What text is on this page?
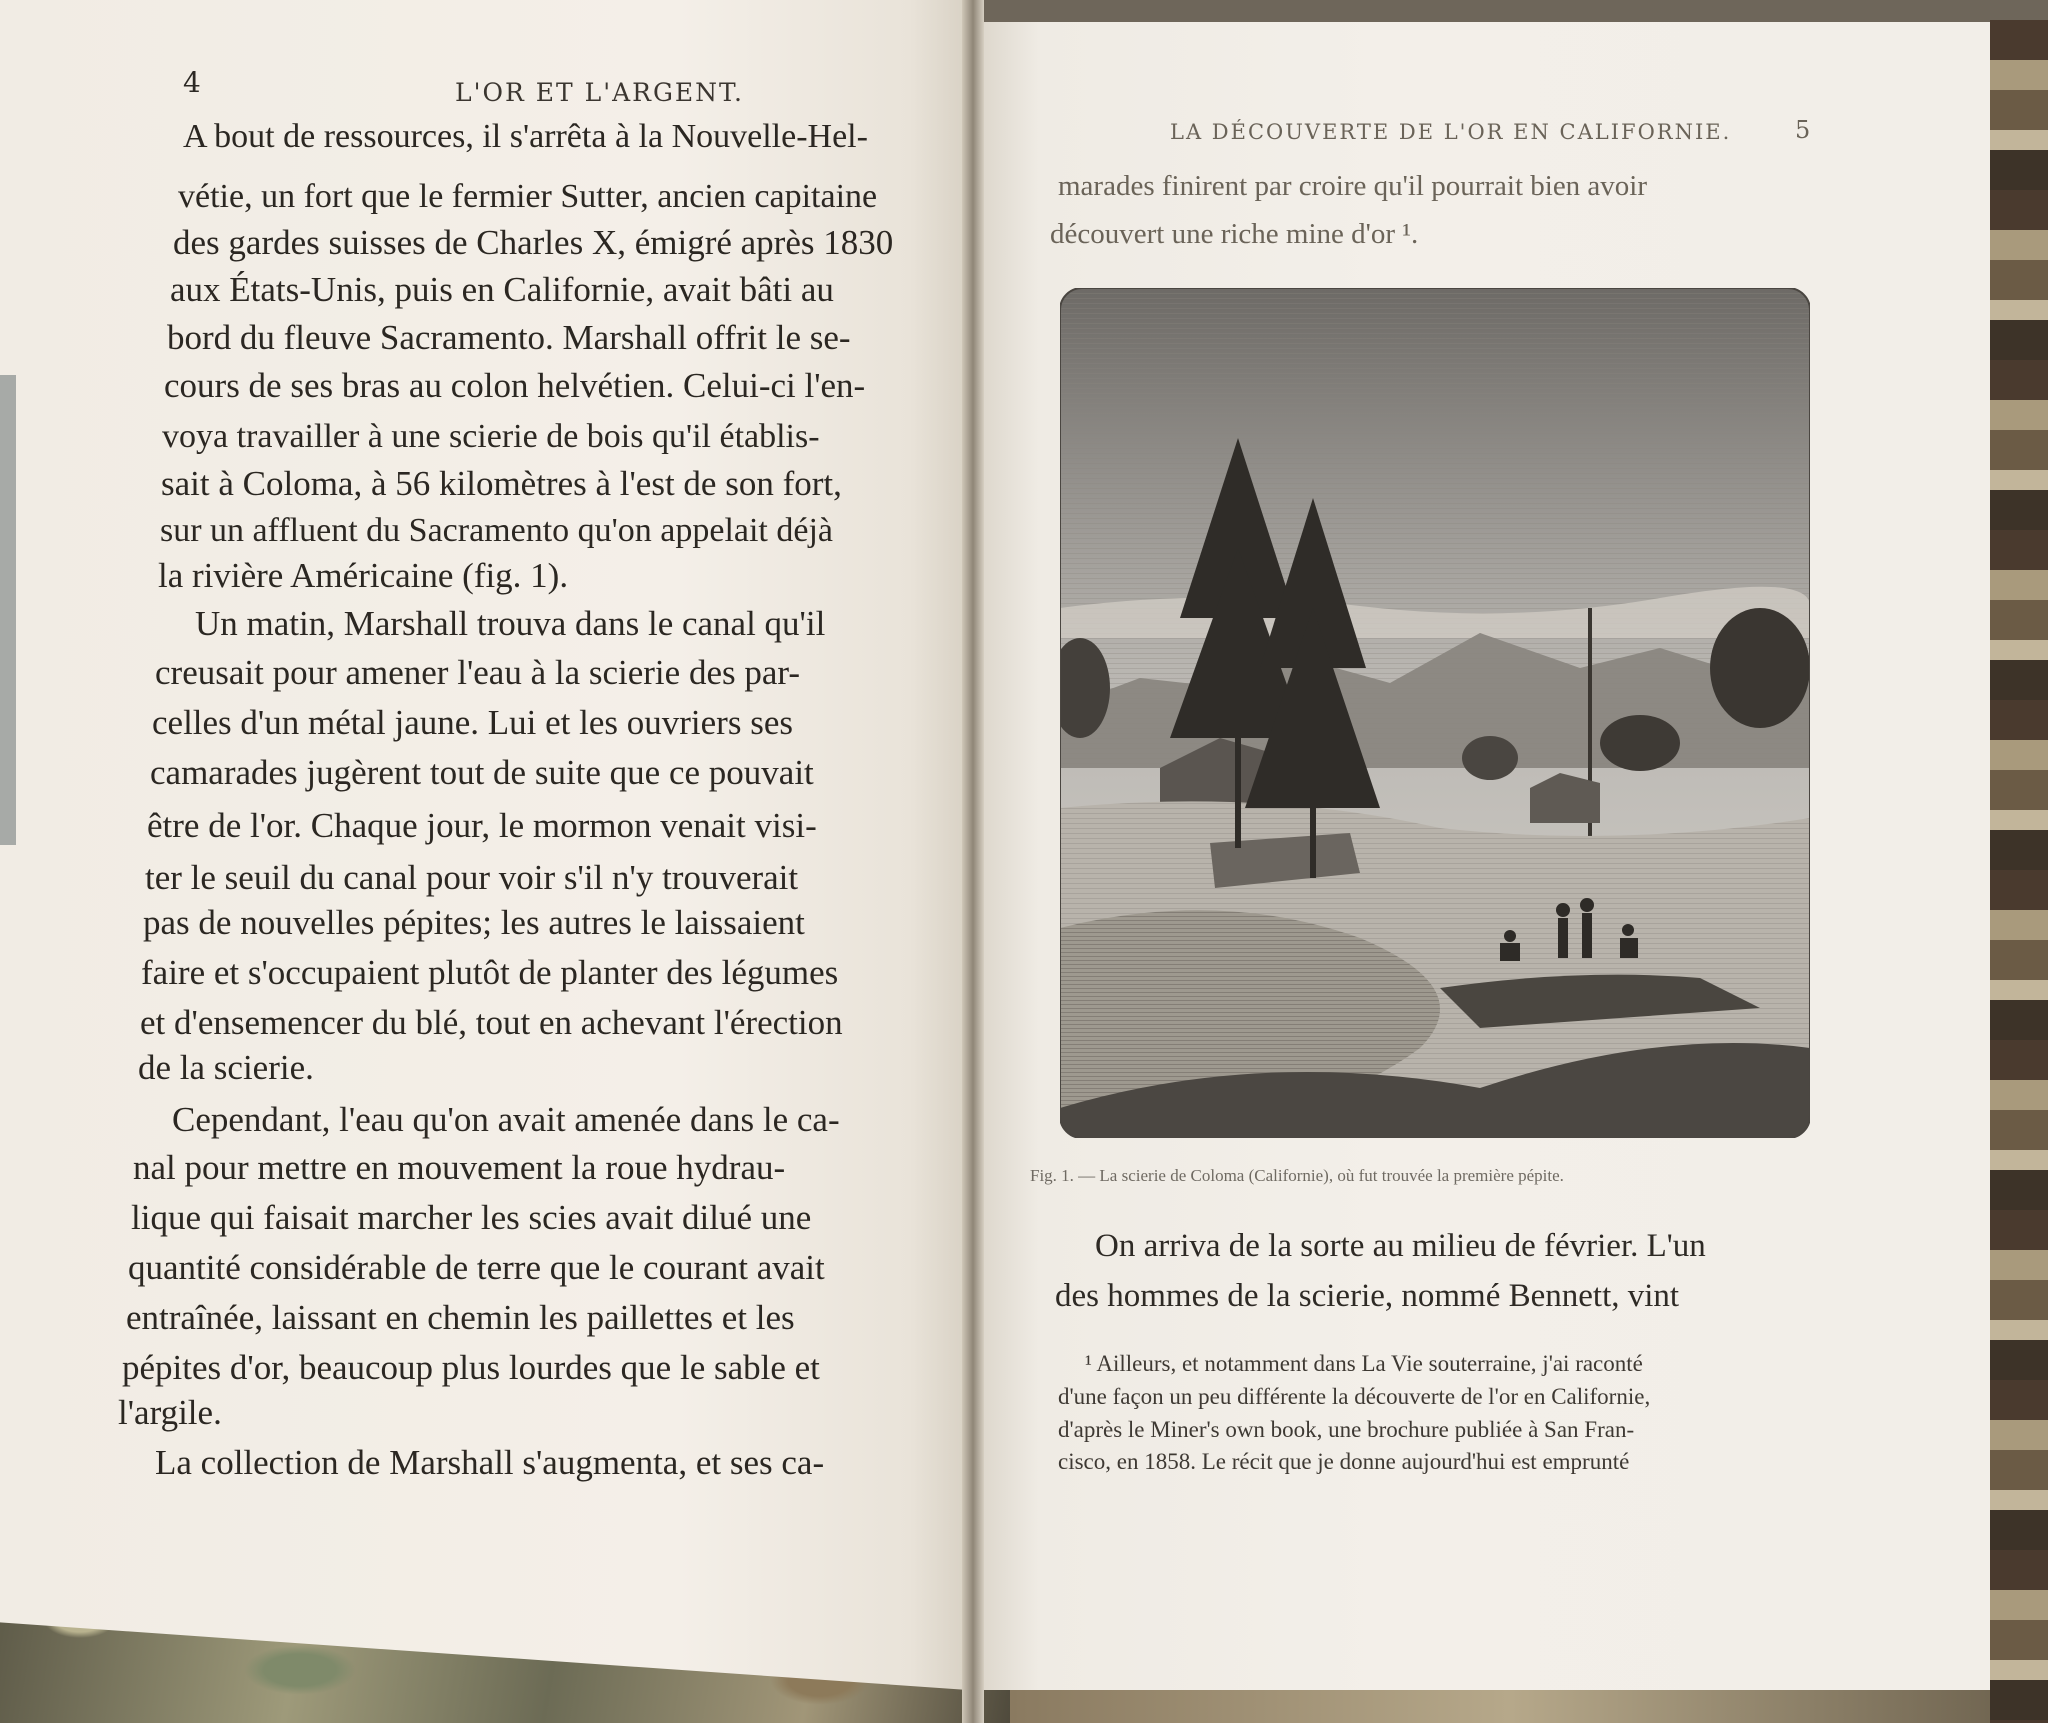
4	L'OR ET L'ARGENT.

A bout de ressources, il s'arrêta à la Nouvelle-Hel-

vétie, un fort que le fermier Sutter, ancien capitaine

des gardes suisses de Charles X, émigré après 1830

aux États-Unis, puis en Californie, avait bâti au

bord du fleuve Sacramento. Marshall offrit le se-

cours de ses bras au colon helvétien. Celui-ci l'en-

voya travailler à une scierie de bois qu'il établis-

sait à Coloma, à 56 kilomètres à l'est de son fort,

sur un affluent du Sacramento qu'on appelait déjà

la rivière Américaine (fig. 1).

Un matin, Marshall trouva dans le canal qu'il

creusait pour amener l'eau à la scierie des par-

celles d'un métal jaune. Lui et les ouvriers ses

camarades jugèrent tout de suite que ce pouvait

être de l'or. Chaque jour, le mormon venait visi-

ter le seuil du canal pour voir s'il n'y trouverait

pas de nouvelles pépites; les autres le laissaient

faire et s'occupaient plutôt de planter des légumes

et d'ensemencer du blé, tout en achevant l'érection

de la scierie.

Cependant, l'eau qu'on avait amenée dans le ca-

nal pour mettre en mouvement la roue hydrau-

lique qui faisait marcher les scies avait dilué une

quantité considérable de terre que le courant avait

entraînée, laissant en chemin les paillettes et les

pépites d'or, beaucoup plus lourdes que le sable et

l'argile.

La collection de Marshall s'augmenta, et ses ca-

LA DÉCOUVERTE DE L'OR EN CALIFORNIE.	5

marades finirent par croire qu'il pourrait bien avoir

découvert une riche mine d'or ¹.

Fig. 1. — La scierie de Coloma (Californie), où fut trouvée la première pépite.

On arriva de la sorte au milieu de février. L'un

des hommes de la scierie, nommé Bennett, vint

¹ Ailleurs, et notamment dans La Vie souterraine, j'ai raconté

d'une façon un peu différente la découverte de l'or en Californie,

d'après le Miner's own book, une brochure publiée à San Fran-

cisco, en 1858. Le récit que je donne aujourd'hui est emprunté
